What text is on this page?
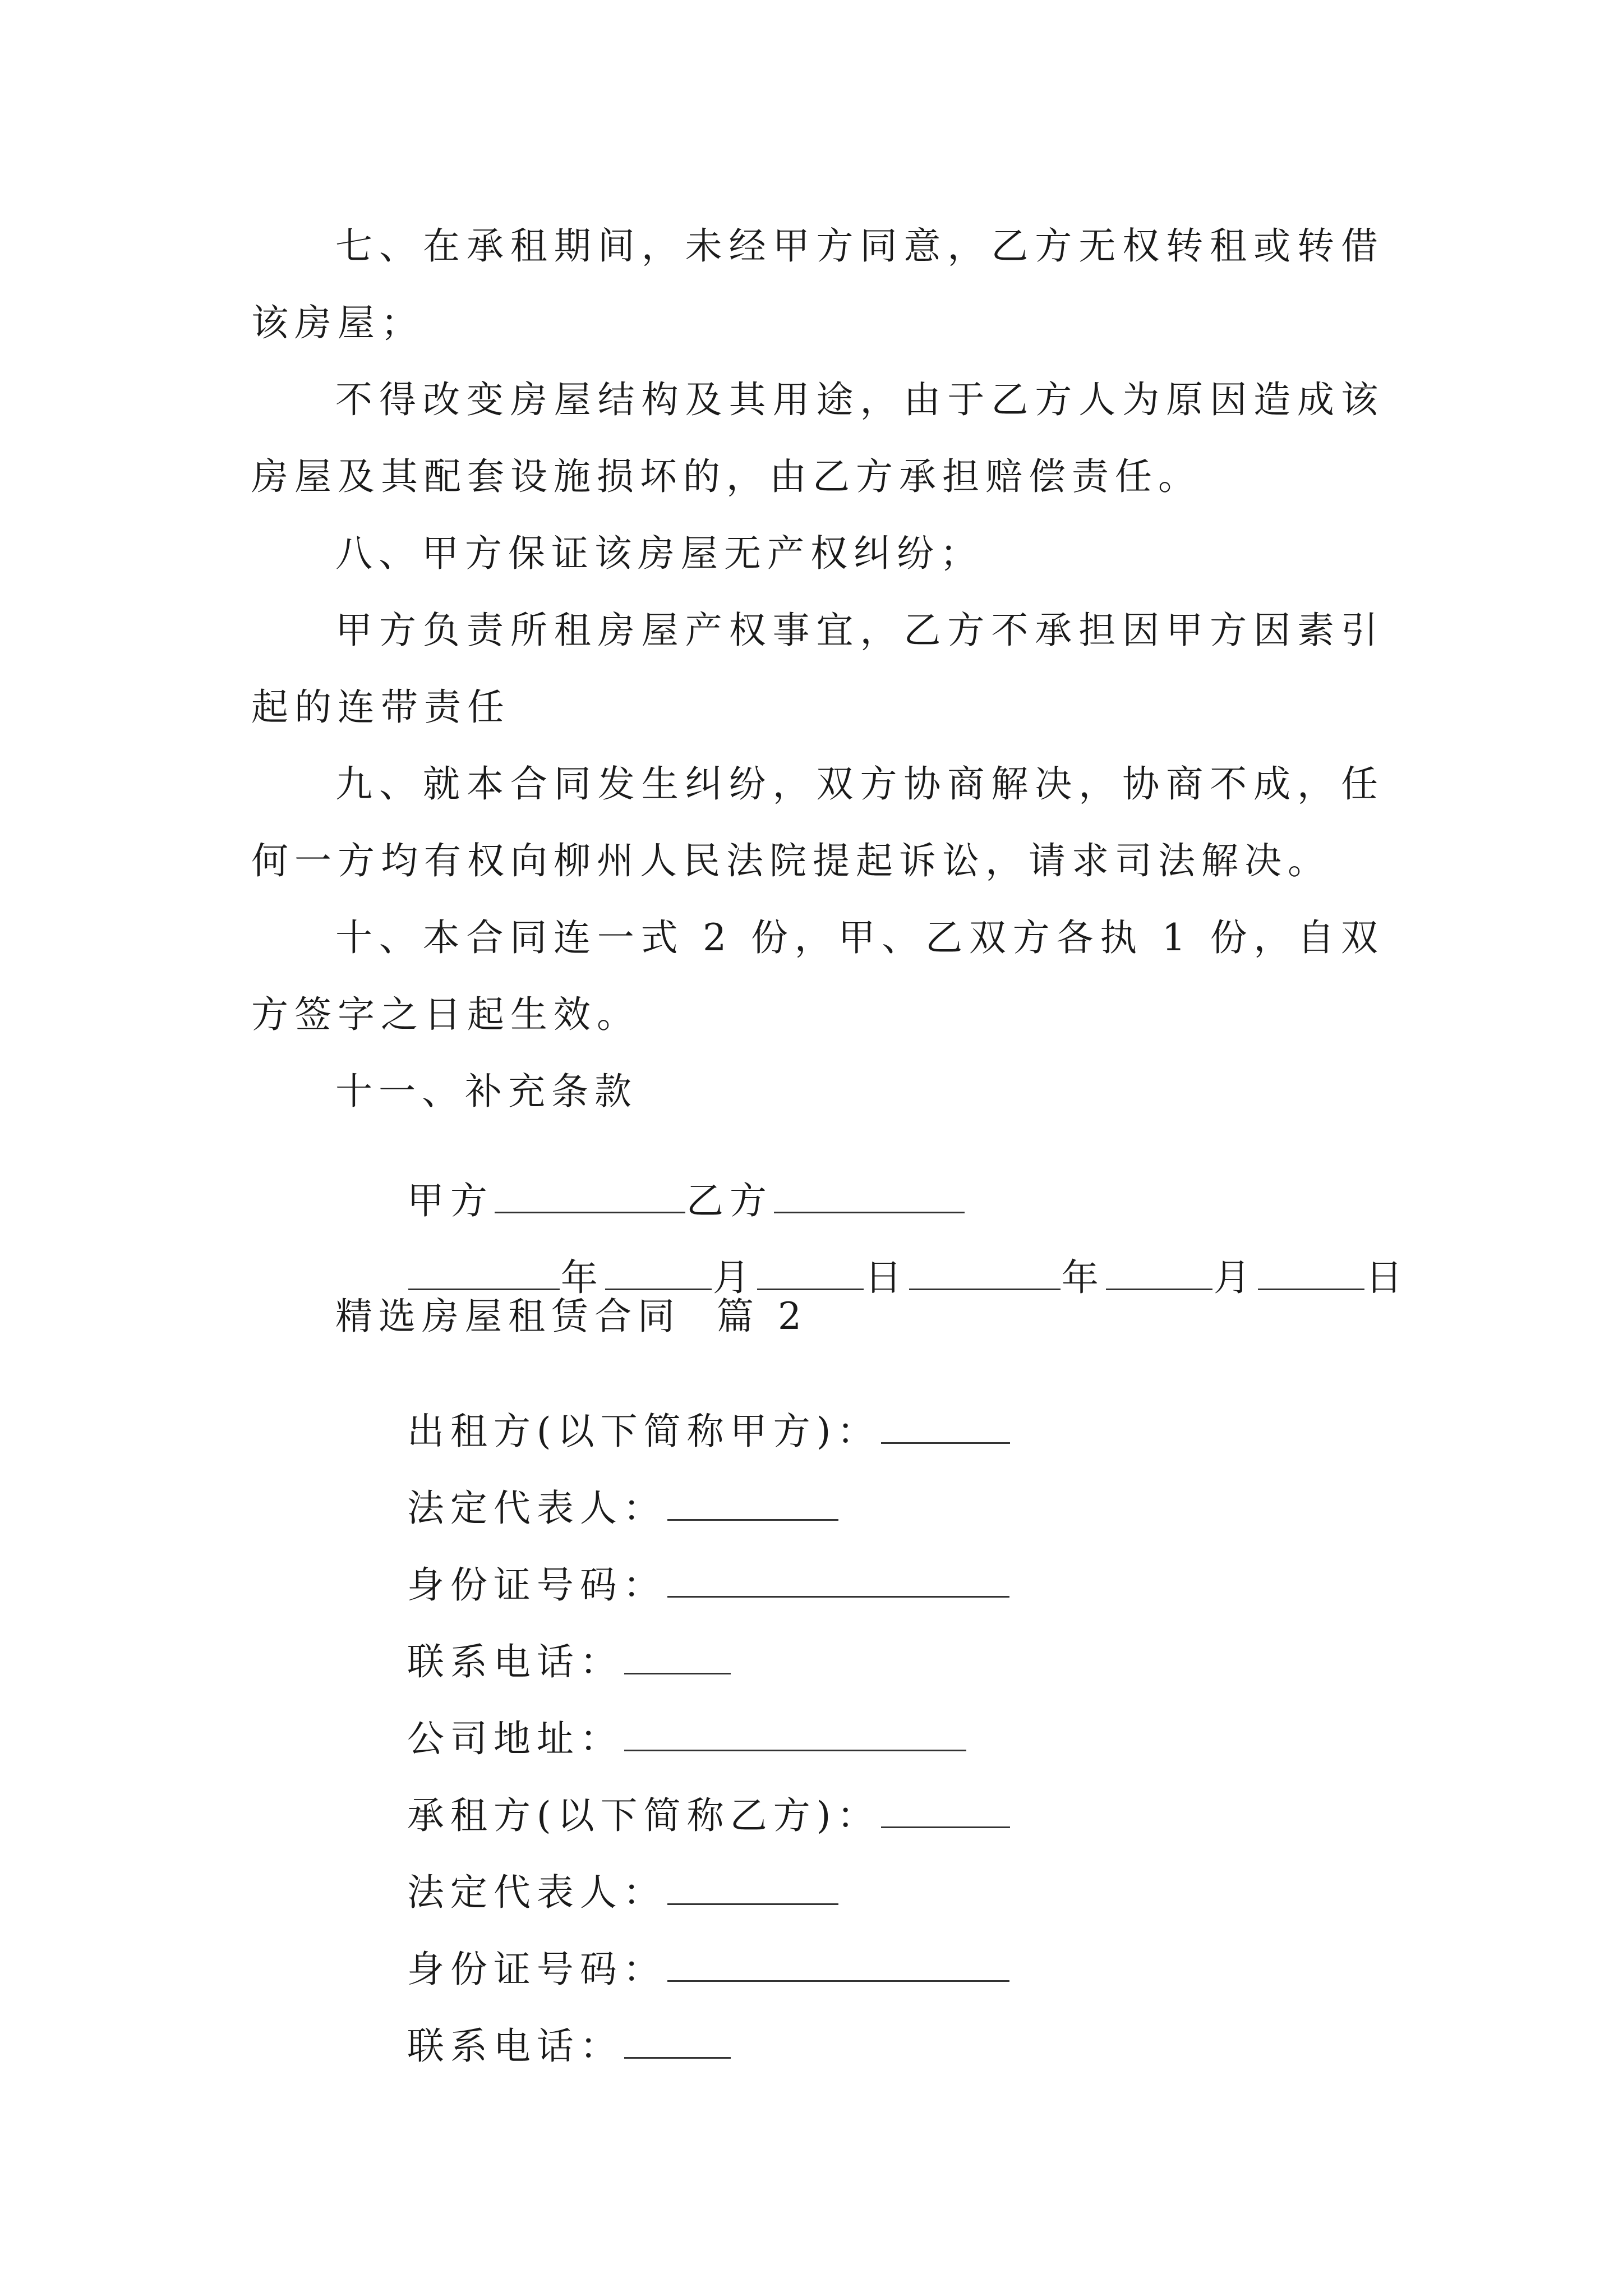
七、在承租期间，未经甲方同意，乙方无权转租或转借该房屋；
不得改变房屋结构及其用途，由于乙方人为原因造成该房屋及其配套设施损坏的，由乙方承担赔偿责任。
八、甲方保证该房屋无产权纠纷；
甲方负责所租房屋产权事宜，乙方不承担因甲方因素引起的连带责任
九、就本合同发生纠纷，双方协商解决，协商不成，任何一方均有权向柳州人民法院提起诉讼，请求司法解决。
十、本合同连一式 2 份，甲、乙双方各执 1 份，自双方签字之日起生效。
十一、补充条款

甲方	乙方

年	月	日	年	月	日

精选房屋租赁合同  篇 2

出租方(以下简称甲方)：

法定代表人：

身份证号码：

联系电话：

公司地址：

承租方(以下简称乙方)：

法定代表人：

身份证号码：

联系电话：
